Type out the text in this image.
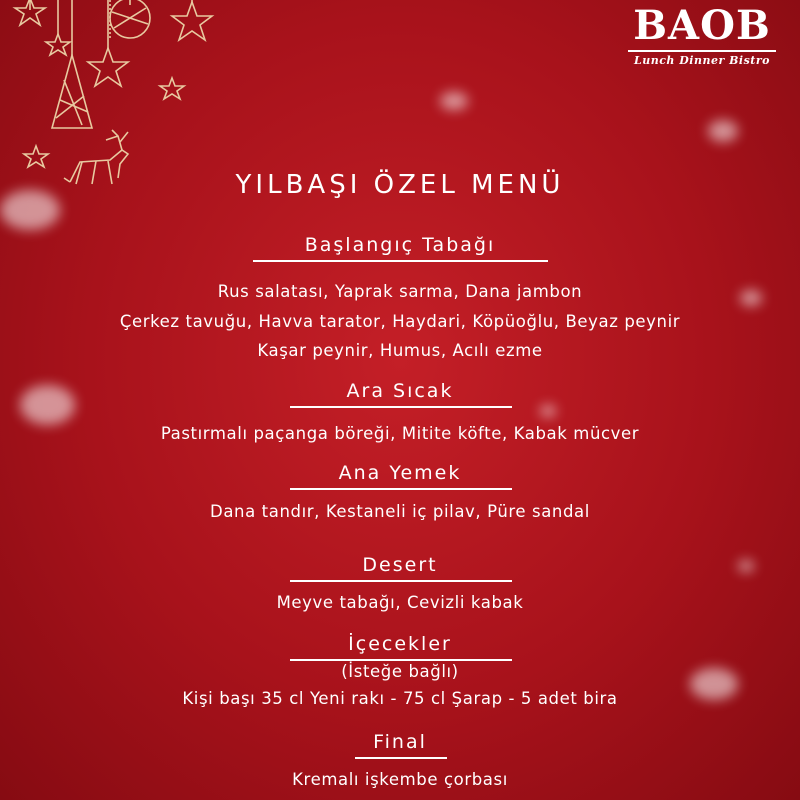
BAOB
Lunch Dinner Bistro
YILBAŞI ÖZEL MENÜ
Başlangıç Tabağı
Rus salatası, Yaprak sarma, Dana jambon
Çerkez tavuğu, Havva tarator, Haydari, Köpüoğlu, Beyaz peynir
Kaşar peynir, Humus, Acılı ezme
Ara Sıcak
Pastırmalı paçanga böreği, Mitite köfte, Kabak mücver
Ana Yemek
Dana tandır, Kestaneli iç pilav, Püre sandal
Desert
Meyve tabağı, Cevizli kabak
İçecekler
(İsteğe bağlı)
Kişi başı 35 cl Yeni rakı - 75 cl Şarap - 5 adet bira
Final
Kremalı işkembe çorbası
